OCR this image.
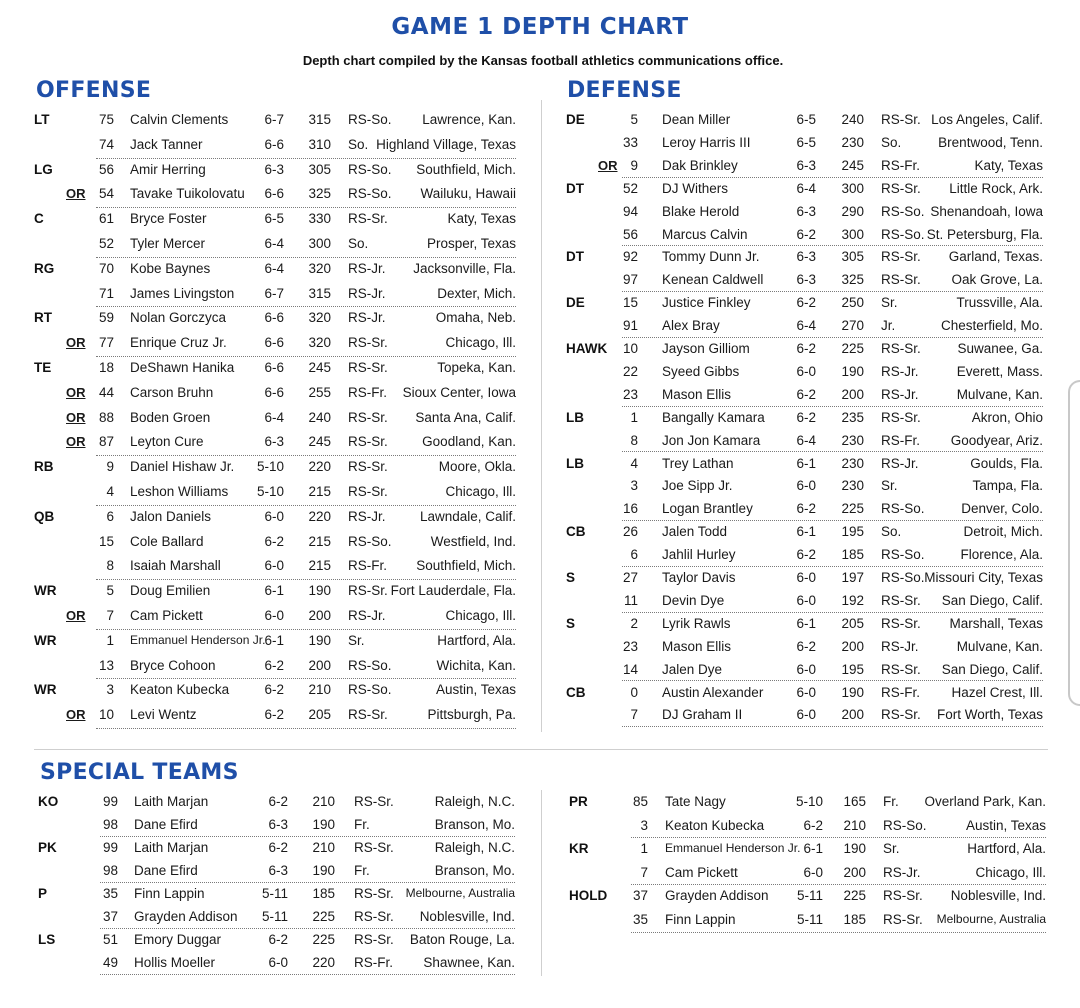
GAME 1 DEPTH CHART
Depth chart compiled by the Kansas football athletics communications office.
OFFENSE	DEFENSE
SPECIAL TEAMS
LT	75 Calvin Clements	6-7	315 RS-So.	Lawrence, Kan.
74 Jack Tanner	6-6	310 So. Highland Village, Texas
LG	56 Amir Herring	6-3	305 RS-So.	Southfield, Mich.
OR 54 Tavake Tuikolovatu	6-6	325 RS-So.	Wailuku, Hawaii
C	61 Bryce Foster	6-5	330 RS-Sr.	Katy, Texas
52 Tyler Mercer	6-4	300 So.	Prosper, Texas
RG	70 Kobe Baynes	6-4	320 RS-Jr.	Jacksonville, Fla.
71 James Livingston	6-7	315 RS-Jr.	Dexter, Mich.
RT	59 Nolan Gorczyca	6-6	320 RS-Jr.	Omaha, Neb.
OR 77 Enrique Cruz Jr.	6-6	320 RS-Sr.	Chicago, Ill.
TE	18 DeShawn Hanika	6-6	245 RS-Sr.	Topeka, Kan.
OR 44 Carson Bruhn	6-6	255 RS-Fr.	Sioux Center, Iowa
OR 88 Boden Groen	6-4	240 RS-Sr.	Santa Ana, Calif.
OR 87 Leyton Cure	6-3	245 RS-Sr.	Goodland, Kan.
RB	9 Daniel Hishaw Jr.	5-10	220 RS-Sr.	Moore, Okla.
4 Leshon Williams	5-10	215 RS-Sr.	Chicago, Ill.
QB	6 Jalon Daniels	6-0	220 RS-Jr.	Lawndale, Calif.
15 Cole Ballard	6-2	215 RS-So.	Westfield, Ind.
8 Isaiah Marshall	6-0	215 RS-Fr.	Southfield, Mich.
WR	5 Doug Emilien	6-1	190 RS-Sr. Fort Lauderdale, Fla.
OR	7 Cam Pickett	6-0	200 RS-Jr.	Chicago, Ill.
WR	1 Emmanuel Henderson Jr. 6-1	190 Sr.	Hartford, Ala.
13 Bryce Cohoon	6-2	200 RS-So.	Wichita, Kan.
WR	3 Keaton Kubecka	6-2	210 RS-So.	Austin, Texas
OR 10 Levi Wentz	6-2	205 RS-Sr.	Pittsburgh, Pa.
DE	5 Dean Miller	6-5	240 RS-Sr. Los Angeles, Calif.
33 Leroy Harris III	6-5	230 So.	Brentwood, Tenn.
OR 9 Dak Brinkley	6-3	245 RS-Fr.	Katy, Texas
DT	52 DJ Withers	6-4	300 RS-Sr.	Little Rock, Ark.
94 Blake Herold	6-3	290 RS-So. Shenandoah, Iowa
56 Marcus Calvin	6-2	300 RS-So. St. Petersburg, Fla.
DT	92 Tommy Dunn Jr.	6-3	305 RS-Sr.	Garland, Texas.
97 Kenean Caldwell	6-3	325 RS-Sr.	Oak Grove, La.
DE	15 Justice Finkley	6-2	250 Sr.	Trussville, Ala.
91 Alex Bray	6-4	270 Jr.	Chesterfield, Mo.
HAWK	10 Jayson Gilliom	6-2	225 RS-Sr.	Suwanee, Ga.
22 Syeed Gibbs	6-0	190 RS-Jr.	Everett, Mass.
23 Mason Ellis	6-2	200 RS-Jr.	Mulvane, Kan.
LB	1 Bangally Kamara	6-2	235 RS-Sr.	Akron, Ohio
8 Jon Jon Kamara	6-4	230 RS-Fr.	Goodyear, Ariz.
LB	4 Trey Lathan	6-1	230 RS-Jr.	Goulds, Fla.
3 Joe Sipp Jr.	6-0	230 Sr.	Tampa, Fla.
16 Logan Brantley	6-2	225 RS-So.	Denver, Colo.
CB	26 Jalen Todd	6-1	195 So.	Detroit, Mich.
6 Jahlil Hurley	6-2	185 RS-So.	Florence, Ala.
S	27 Taylor Davis	6-0	197 RS-So. Missouri City, Texas
11 Devin Dye	6-0	192 RS-Sr.	San Diego, Calif.
S	2 Lyrik Rawls	6-1	205 RS-Sr.	Marshall, Texas
23 Mason Ellis	6-2	200 RS-Jr.	Mulvane, Kan.
14 Jalen Dye	6-0	195 RS-Sr.	San Diego, Calif.
CB	0 Austin Alexander	6-0	190 RS-Fr.	Hazel Crest, Ill.
7 DJ Graham II	6-0	200 RS-Sr.	Fort Worth, Texas
KO	99 Laith Marjan	6-2	210 RS-Sr.	Raleigh, N.C.
98 Dane Efird	6-3	190 Fr.	Branson, Mo.
PK	99 Laith Marjan	6-2	210 RS-Sr.	Raleigh, N.C.
98 Dane Efird	6-3	190 Fr.	Branson, Mo.
P	35 Finn Lappin	5-11	185 RS-Sr. Melbourne, Australia
37 Grayden Addison	5-11	225 RS-Sr.	Noblesville, Ind.
LS	51 Emory Duggar	6-2	225 RS-Sr.	Baton Rouge, La.
49 Hollis Moeller	6-0	220 RS-Fr.	Shawnee, Kan.
PR	85 Tate Nagy	5-10	165 Fr.	Overland Park, Kan.
3 Keaton Kubecka	6-2	210 RS-So.	Austin, Texas
KR	1 Emmanuel Henderson Jr. 6-1	190 Sr.	Hartford, Ala.
7 Cam Pickett	6-0	200 RS-Jr.	Chicago, Ill.
HOLD	37 Grayden Addison	5-11	225 RS-Sr.	Noblesville, Ind.
35 Finn Lappin	5-11	185 RS-Sr.	Melbourne, Australia
